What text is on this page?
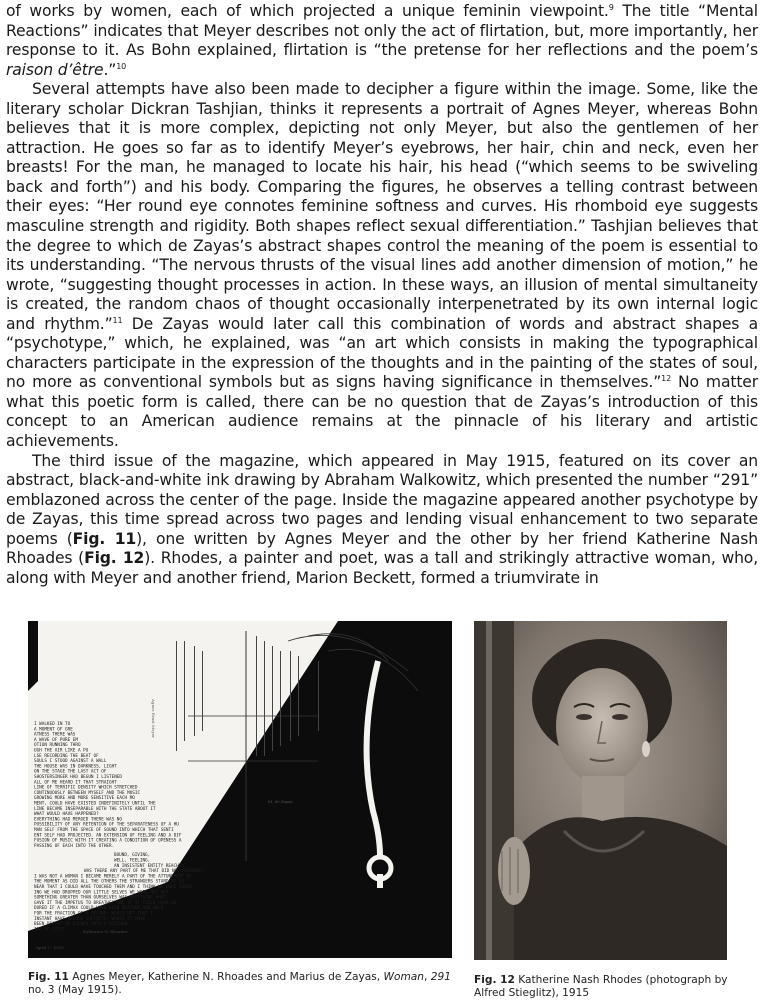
of works by women, each of which projected a unique feminin viewpoint.$^9$ The title “Mental Reactions” indicates that Meyer describes not only the act of flirtation, but, more importantly, her response to it. As Bohn explained, flirtation is “the pretense for her reflections and the poem’s raison d’être.”$^{10}$

Several attempts have also been made to decipher a figure within the image. Some, like the literary scholar Dickran Tashjian, thinks it represents a portrait of Agnes Meyer, whereas Bohn believes that it is more complex, depicting not only Meyer, but also the gentlemen of her attraction. He goes so far as to identify Meyer’s eyebrows, her hair, chin and neck, even her breasts! For the man, he managed to locate his hair, his head (“which seems to be swiveling back and forth”) and his body. Comparing the figures, he observes a telling contrast between their eyes: “Her round eye connotes feminine softness and curves. His rhomboid eye suggests masculine strength and rigidity. Both shapes reflect sexual differentiation.” Tashjian believes that the degree to which de Zayas’s abstract shapes control the meaning of the poem is essential to its understanding. “The nervous thrusts of the visual lines add another dimension of motion,” he wrote, “suggesting thought processes in action. In these ways, an illusion of mental simultaneity is created, the random chaos of thought occasionally interpenetrated by its own internal logic and rhythm.”$^{11}$ De Zayas would later call this combination of words and abstract shapes a “psychotype,” which, he explained, was “an art which consists in making the typographical characters participate in the expression of the thoughts and in the painting of the states of soul, no more as conventional symbols but as signs having significance in themselves.”$^{12}$ No matter what this poetic form is called, there can be no question that de Zayas’s introduction of this concept to an American audience remains at the pinnacle of his literary and artistic achievements.

The third issue of the magazine, which appeared in May 1915, featured on its cover an abstract, black-and-white ink drawing by Abraham Walkowitz, which presented the number “291” emblazoned across the center of the page. Inside the magazine appeared another psychotype by de Zayas, this time spread across two pages and lending visual enhancement to two separate poems (Fig. 11), one written by Agnes Meyer and the other by her friend Katherine Nash Rhoades (Fig. 12). Rhodes, a painter and poet, was a tall and strikingly attractive woman, who, along with Meyer and another friend, Marion Beckett, formed a triumvirate in

I WALKED IN TO
A MOMENT OF GRE
ATNESS THERE WAS
A WAVE OF PURE EM
OTION RUNNING THRO
UGH THE AIR LIKE A PU
LSE RECORDING THE BEAT OF
SOULS I STOOD AGAINST A WALL
THE HOUSE WAS IN DARKNESS, LIGHT
ON THE STAGE THE LAST ACT OF
SHOSTERSINGER HAD BEGUN I LISTENED
ALL OF ME HEARD IT THAT STRAIGHT
LINE OF TERRIFIC DENSITY WHICH STRETCHED
CONTINUOUSLY BETWEEN MYSELF AND THE MUSIC
GROWING MORE AND MORE SENSITIVE EACH MO
MENT, COULD HAVE EXISTED INDEFINITELY UNTIL THE
LINE BECAME INSEPARABLE WITH THE STATE ABOUT IT
WHAT WOULD HAVE HAPPENED?
EVERYTHING HAD MERGED THERE WAS NO
POSSIBILITY OF ANY RETENTION OF THE SEPARATENESS OF A HU
MAN SELF FROM THE SPACE OF SOUND INTO WHICH THAT SENTI
ENT SELF HAD PROJECTED. AN EXTENSION OF FEELING AND A DIF
FUSION OF MUSIC WITH IT CREATING A CONDITION OF OPENESS A
PASSING OF EACH INTO THE OTHER.
BOUND, GIVING,
WELL, FEELING,
AN INSISTENT ENTITY REACHED.
WAS THERE ANY PART OF ME THAT DID NOT RESPOND?
I WAS NOT A WOMAN I BECAME MERELY A PART OF THE ATTUNEMENT OF
THE MOMENT AS DID ALL THE OTHERS THE STRANGERS STANDING SO
NEAR THAT I COULD HAVE TOUCHED THEM AND I THINK WE WERE TOUCH
ING WE HAD DROPPED OUR LITTLE SELVES WE WERE NOT BUT
SOMETHING GREATER THAN OURSELVES WAS BREATHING WHAT
GAVE IT THE IMPETUS TO BREATHE? AND IF IT COULD HAVE EN
DURED IF A CLIMAX COULD HAVE BEEN REACHED AND HELD
FOR THE FRACTION OF A SECOND--WOULD NOT THAT 1
INSTANT HAVE BECOME INFINITE? WOULD IT HAVE
BEEN DEATH? OR ESCAPE INTO A QUICKEN
ING OF LIFE?
Agnes Ernst Meyer
M. de Zayas
Katharine N. Rhoades
April 7 - 1915
Fig. 11 Agnes Meyer, Katherine N. Rhoades and Marius de Zayas, Woman, 291
no. 3 (May 1915).
Fig. 12 Katherine Nash Rhodes (photograph by Alfred Stieglitz), 1915
